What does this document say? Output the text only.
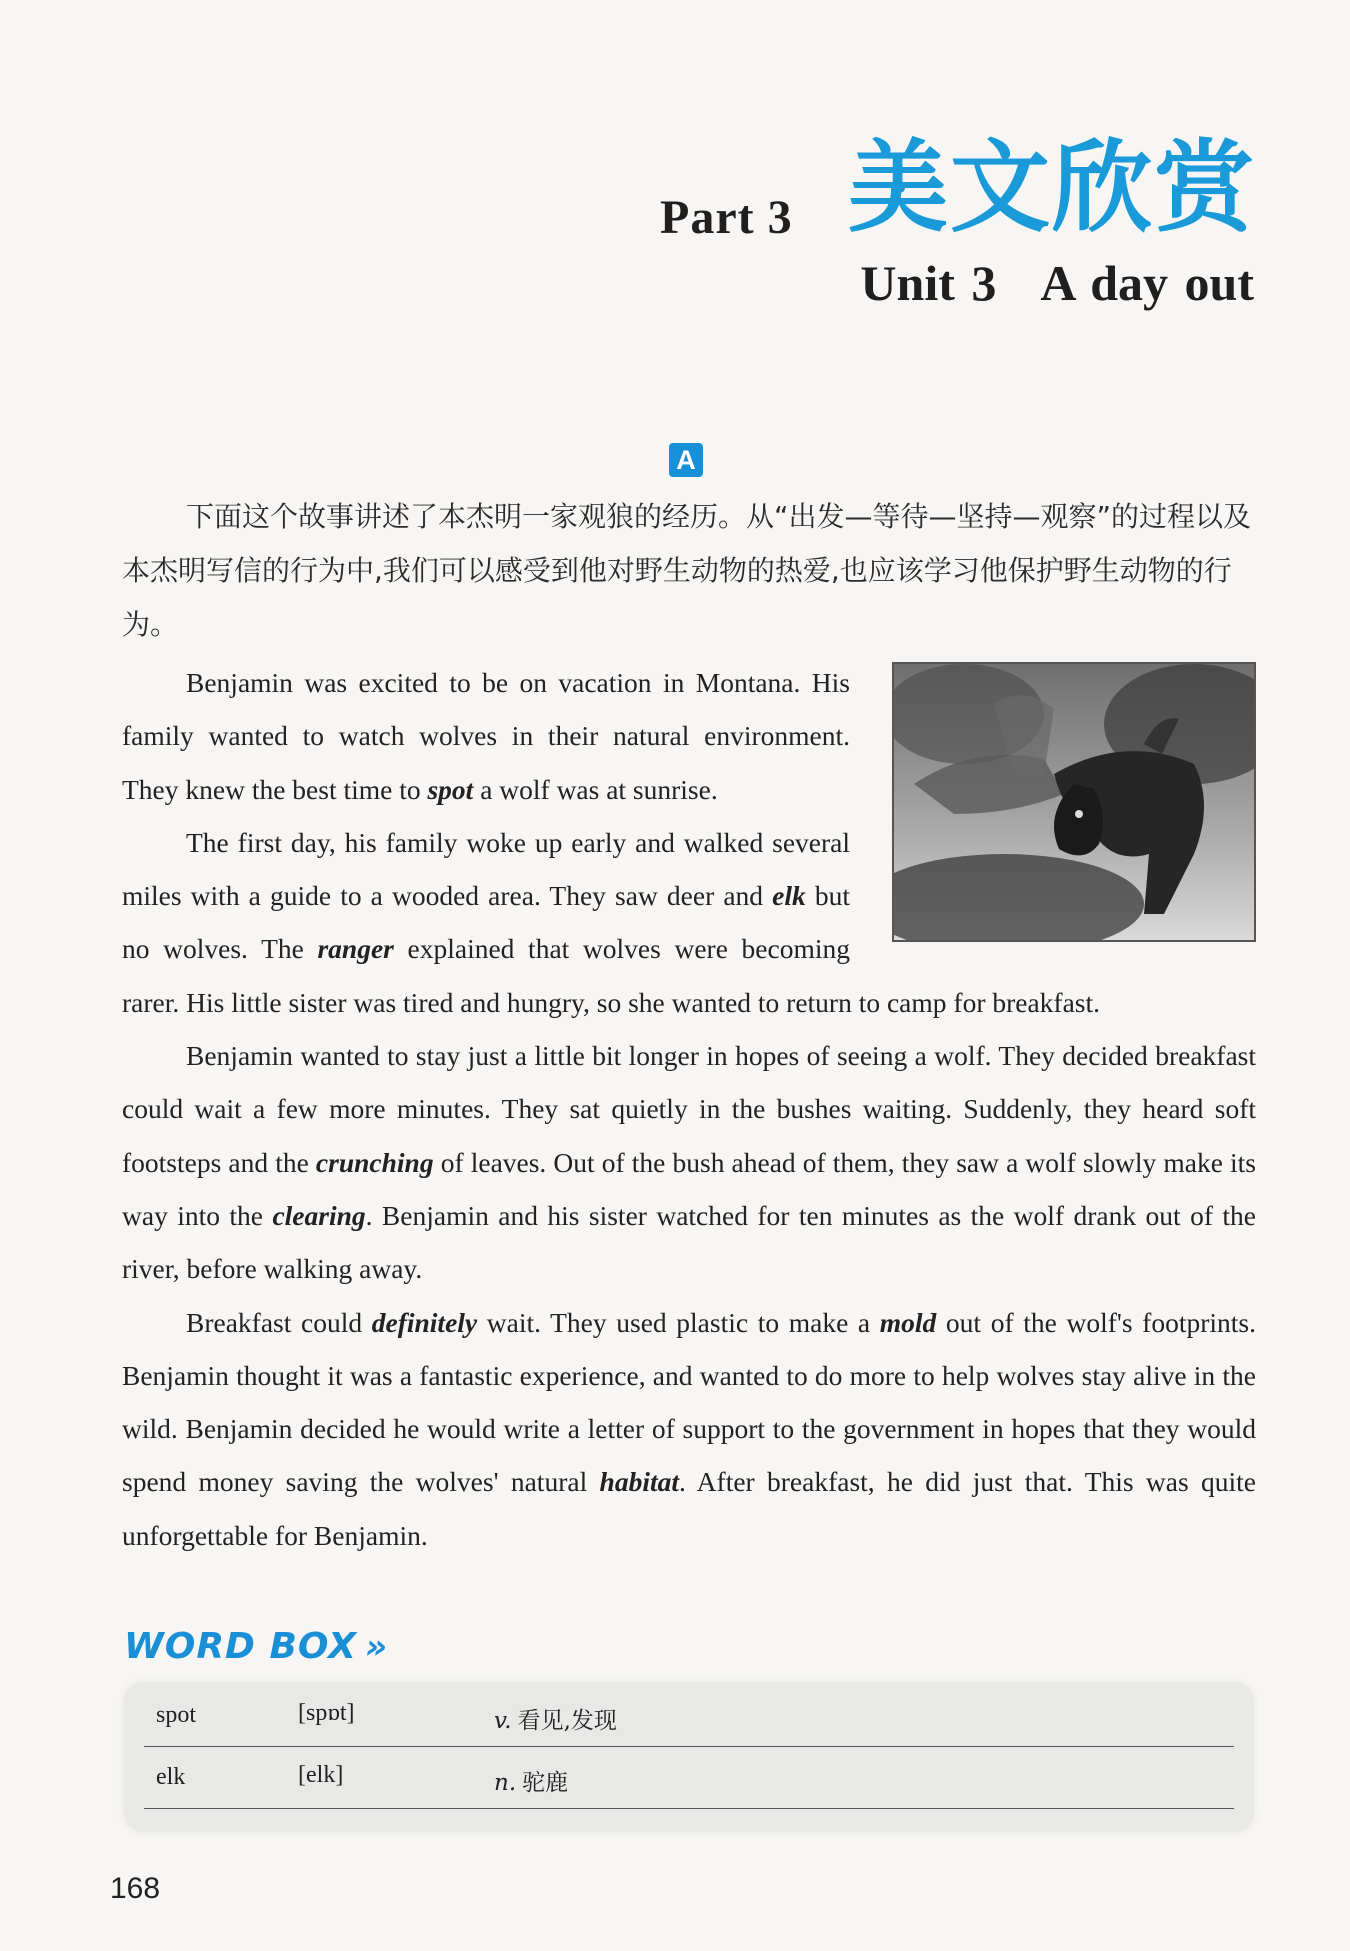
Part 3 美文欣赏
Unit 3 A day out
A

下面这个故事讲述了本杰明一家观狼的经历。从“出发—等待—坚持—观察”的过程以及本杰明写信的行为中,我们可以感受到他对野生动物的热爱,也应该学习他保护野生动物的行为。

Benjamin was excited to be on vacation in Montana. His family wanted to watch wolves in their natural environment. They knew the best time to spot a wolf was at sunrise.

The first day, his family woke up early and walked several miles with a guide to a wooded area. They saw deer and elk but no wolves. The ranger explained that wolves were becoming rarer. His little sister was tired and hungry, so she wanted to return to camp for breakfast.

Benjamin wanted to stay just a little bit longer in hopes of seeing a wolf. They decided breakfast could wait a few more minutes. They sat quietly in the bushes waiting. Suddenly, they heard soft footsteps and the crunching of leaves. Out of the bush ahead of them, they saw a wolf slowly make its way into the clearing. Benjamin and his sister watched for ten minutes as the wolf drank out of the river, before walking away.

Breakfast could definitely wait. They used plastic to make a mold out of the wolf's footprints. Benjamin thought it was a fantastic experience, and wanted to do more to help wolves stay alive in the wild. Benjamin decided he would write a letter of support to the government in hopes that they would spend money saving the wolves' natural habitat. After breakfast, he did just that. This was quite unforgettable for Benjamin.

WORD BOX »
spot	[spɒt]	v. 看见,发现
elk	[elk]	n. 驼鹿
168
